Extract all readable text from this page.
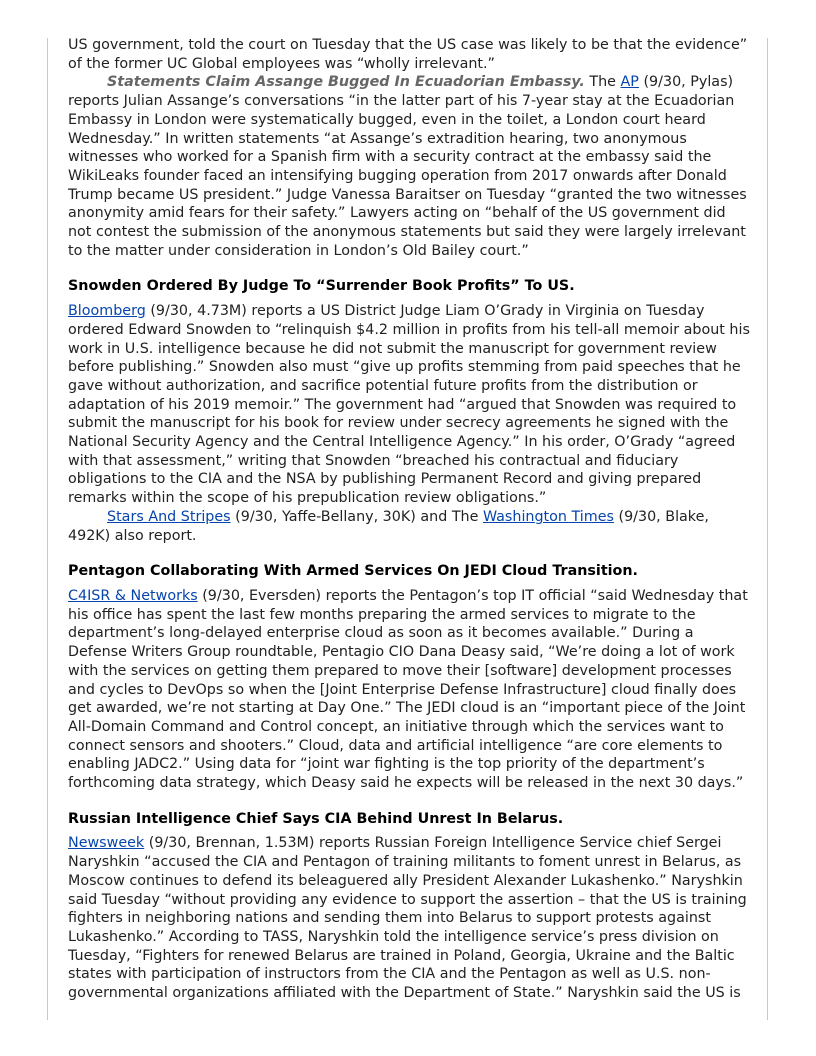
US government, told the court on Tuesday that the US case was likely to be that the evidence” of the former UC Global employees was “wholly irrelevant.”

Statements Claim Assange Bugged In Ecuadorian Embassy. The AP (9/30, Pylas) reports Julian Assange’s conversations “in the latter part of his 7-year stay at the Ecuadorian Embassy in London were systematically bugged, even in the toilet, a London court heard Wednesday.” In written statements “at Assange’s extradition hearing, two anonymous witnesses who worked for a Spanish firm with a security contract at the embassy said the WikiLeaks founder faced an intensifying bugging operation from 2017 onwards after Donald Trump became US president.” Judge Vanessa Baraitser on Tuesday “granted the two witnesses anonymity amid fears for their safety.” Lawyers acting on “behalf of the US government did not contest the submission of the anonymous statements but said they were largely irrelevant to the matter under consideration in London’s Old Bailey court.”

Snowden Ordered By Judge To “Surrender Book Profits” To US.

Bloomberg (9/30, 4.73M) reports a US District Judge Liam O’Grady in Virginia on Tuesday ordered Edward Snowden to “relinquish $4.2 million in profits from his tell-all memoir about his work in U.S. intelligence because he did not submit the manuscript for government review before publishing.” Snowden also must “give up profits stemming from paid speeches that he gave without authorization, and sacrifice potential future profits from the distribution or adaptation of his 2019 memoir.” The government had “argued that Snowden was required to submit the manuscript for his book for review under secrecy agreements he signed with the National Security Agency and the Central Intelligence Agency.” In his order, O’Grady “agreed with that assessment,” writing that Snowden “breached his contractual and fiduciary obligations to the CIA and the NSA by publishing Permanent Record and giving prepared remarks within the scope of his prepublication review obligations.”

Stars And Stripes (9/30, Yaffe-Bellany, 30K) and The Washington Times (9/30, Blake, 492K) also report.

Pentagon Collaborating With Armed Services On JEDI Cloud Transition.

C4ISR & Networks (9/30, Eversden) reports the Pentagon’s top IT official “said Wednesday that his office has spent the last few months preparing the armed services to migrate to the department’s long-delayed enterprise cloud as soon as it becomes available.” During a Defense Writers Group roundtable, Pentagio CIO Dana Deasy said, “We’re doing a lot of work with the services on getting them prepared to move their [software] development processes and cycles to DevOps so when the [Joint Enterprise Defense Infrastructure] cloud finally does get awarded, we’re not starting at Day One.” The JEDI cloud is an “important piece of the Joint All-Domain Command and Control concept, an initiative through which the services want to connect sensors and shooters.” Cloud, data and artificial intelligence “are core elements to enabling JADC2.” Using data for “joint war fighting is the top priority of the department’s forthcoming data strategy, which Deasy said he expects will be released in the next 30 days.”

Russian Intelligence Chief Says CIA Behind Unrest In Belarus.

Newsweek (9/30, Brennan, 1.53M) reports Russian Foreign Intelligence Service chief Sergei Naryshkin “accused the CIA and Pentagon of training militants to foment unrest in Belarus, as Moscow continues to defend its beleaguered ally President Alexander Lukashenko.” Naryshkin said Tuesday “without providing any evidence to support the assertion – that the US is training fighters in neighboring nations and sending them into Belarus to support protests against Lukashenko.” According to TASS, Naryshkin told the intelligence service’s press division on Tuesday, “Fighters for renewed Belarus are trained in Poland, Georgia, Ukraine and the Baltic states with participation of instructors from the CIA and the Pentagon as well as U.S. non-governmental organizations affiliated with the Department of State.” Naryshkin said the US is
